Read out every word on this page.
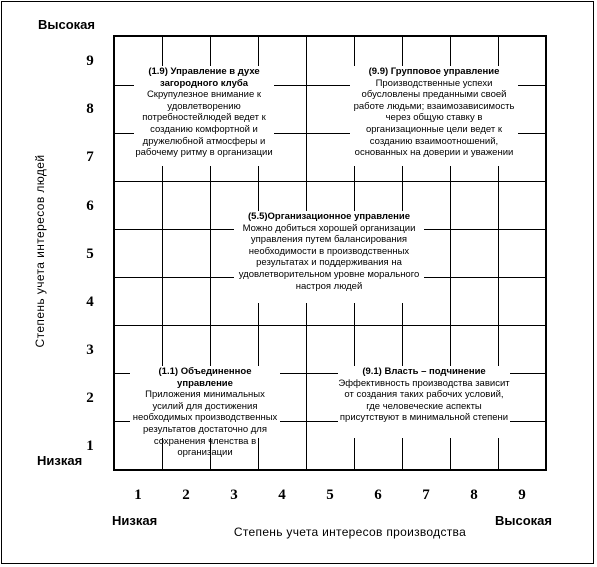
Высокая
Низкая
Низкая	Высокая
9
8
7
6
5
4
3
2
1
1	2	3	4	5	6	7	8	9
Степень учета интересов людей
Степень учета интересов производства
(1.9) Управление в духе загородного клуба
Скрупулезное внимание к удовлетворению потребностейлюдей ведет к созданию комфортной и дружелюбной атмосферы и рабочему ритму в организации
(9.9) Групповое управление
Производственные успехи обусловлены преданными своей работе людьми; взаимозависимость через общую ставку в организационные цели ведет к созданию взаимоотношений, основанных на доверии и уважении
(5.5)Организационное управление
Можно добиться хорошей организации управления путем балансирования необходимости в производственных результатах и поддерживания на удовлетворительном уровне морального настроя людей
(1.1) Объединенное управление
Приложения минимальных усилий для достижения необходимых производственных результатов достаточно для сохранения членства в организации
(9.1) Власть – подчинение
Эффективность производства зависит от создания таких рабочих условий, где человеческие аспекты присутствуют в минимальной степени
